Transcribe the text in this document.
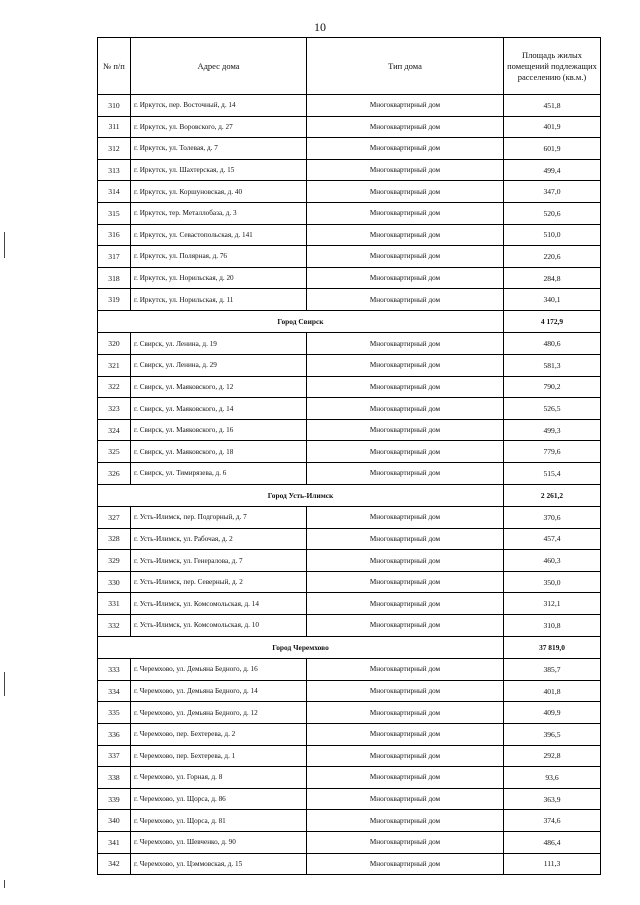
10
№ п/п	Адрес дома	Тип дома	Площадь жилых помещений подлежащих расселению (кв.м.)
310	г. Иркутск, пер. Восточный, д. 14	Многоквартирный дом	451,8
311	г. Иркутск, ул. Воровского, д. 27	Многоквартирный дом	401,9
312	г. Иркутск, ул. Толевая, д. 7	Многоквартирный дом	601,9
313	г. Иркутск, ул. Шахтерская, д. 15	Многоквартирный дом	499,4
314	г. Иркутск, ул. Коршуновская, д. 40	Многоквартирный дом	347,0
315	г. Иркутск, тер. Металлобаза, д. 3	Многоквартирный дом	520,6
316	г. Иркутск, ул. Севастопольская, д. 141	Многоквартирный дом	510,0
317	г. Иркутск, ул. Полярная, д. 76	Многоквартирный дом	220,6
318	г. Иркутск, ул. Норильская, д. 20	Многоквартирный дом	284,8
319	г. Иркутск, ул. Норильская, д. 11	Многоквартирный дом	340,1
Город Свирск			4 172,9
320	г. Свирск, ул. Ленина, д. 19	Многоквартирный дом	480,6
321	г. Свирск, ул. Ленина, д. 29	Многоквартирный дом	581,3
322	г. Свирск, ул. Маяковского, д. 12	Многоквартирный дом	790,2
323	г. Свирск, ул. Маяковского, д. 14	Многоквартирный дом	526,5
324	г. Свирск, ул. Маяковского, д. 16	Многоквартирный дом	499,3
325	г. Свирск, ул. Маяковского, д. 18	Многоквартирный дом	779,6
326	г. Свирск, ул. Тимирязева, д. 6	Многоквартирный дом	515,4
Город Усть-Илимск			2 261,2
327	г. Усть-Илимск, пер. Подгорный, д. 7	Многоквартирный дом	370,6
328	г. Усть-Илимск, ул. Рабочая, д. 2	Многоквартирный дом	457,4
329	г. Усть-Илимск, ул. Генералова, д. 7	Многоквартирный дом	460,3
330	г. Усть-Илимск, пер. Северный, д. 2	Многоквартирный дом	350,0
331	г. Усть-Илимск, ул. Комсомольская, д. 14	Многоквартирный дом	312,1
332	г. Усть-Илимск, ул. Комсомольская, д. 10	Многоквартирный дом	310,8
Город Черемхово			37 819,0
333	г. Черемхово, ул. Демьяна Бедного, д. 16	Многоквартирный дом	385,7
334	г. Черемхово, ул. Демьяна Бедного, д. 14	Многоквартирный дом	401,8
335	г. Черемхово, ул. Демьяна Бедного, д. 12	Многоквартирный дом	409,9
336	г. Черемхово, пер. Бехтерева, д. 2	Многоквартирный дом	396,5
337	г. Черемхово, пер. Бехтерева, д. 1	Многоквартирный дом	292,8
338	г. Черемхово, ул. Горная, д. 8	Многоквартирный дом	93,6
339	г. Черемхово, ул. Щорса, д. 86	Многоквартирный дом	363,9
340	г. Черемхово, ул. Щорса, д. 81	Многоквартирный дом	374,6
341	г. Черемхово, ул. Шевченко, д. 90	Многоквартирный дом	486,4
342	г. Черемхово, ул. Цэммовская, д. 15	Многоквартирный дом	111,3
